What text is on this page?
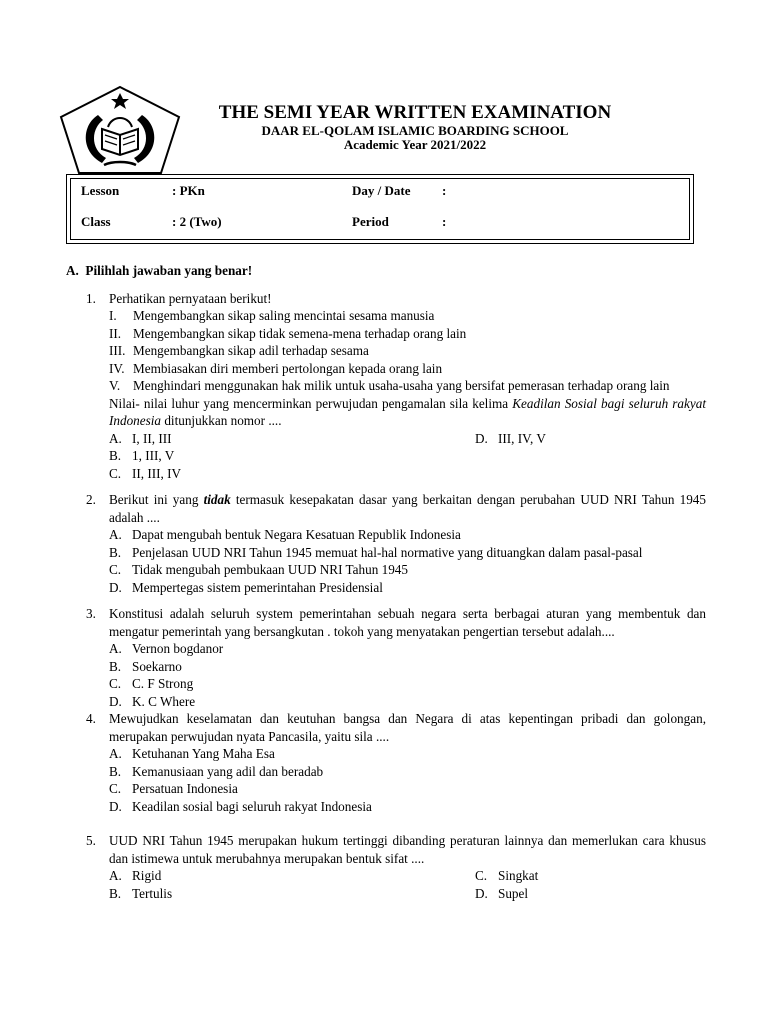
THE SEMI YEAR WRITTEN EXAMINATION
DAAR EL-QOLAM ISLAMIC BOARDING SCHOOL
Academic Year 2021/2022
Lesson	: PKn	Day / Date :
Class	: 2 (Two)	Period	:
A. Pilihlah jawaban yang benar!
1. Perhatikan pernyataan berikut!
I. Mengembangkan sikap saling mencintai sesama manusia
II. Mengembangkan sikap tidak semena-mena terhadap orang lain
III. Mengembangkan sikap adil terhadap sesama
IV. Membiasakan diri memberi pertolongan kepada orang lain
V. Menghindari menggunakan hak milik untuk usaha-usaha yang bersifat pemerasan terhadap orang lain
Nilai- nilai luhur yang mencerminkan perwujudan pengamalan sila kelima Keadilan Sosial bagi seluruh rakyat Indonesia ditunjukkan nomor ....
A. I, II, III	D. III, IV, V
B. 1, III, V
C. II, III, IV
2. Berikut ini yang tidak termasuk kesepakatan dasar yang berkaitan dengan perubahan UUD NRI Tahun 1945 adalah ....
A. Dapat mengubah bentuk Negara Kesatuan Republik Indonesia
B. Penjelasan UUD NRI Tahun 1945 memuat hal-hal normative yang dituangkan dalam pasal-pasal
C. Tidak mengubah pembukaan UUD NRI Tahun 1945
D. Mempertegas sistem pemerintahan Presidensial
3. Konstitusi adalah seluruh system pemerintahan sebuah negara serta berbagai aturan yang membentuk dan mengatur pemerintah yang bersangkutan . tokoh yang menyatakan pengertian tersebut adalah....
A. Vernon bogdanor
B. Soekarno
C. C. F Strong
D. K. C Where
4. Mewujudkan keselamatan dan keutuhan bangsa dan Negara di atas kepentingan pribadi dan golongan, merupakan perwujudan nyata Pancasila, yaitu sila ....
A. Ketuhanan Yang Maha Esa
B. Kemanusiaan yang adil dan beradab
C. Persatuan Indonesia
D. Keadilan sosial bagi seluruh rakyat Indonesia
5. UUD NRI Tahun 1945 merupakan hukum tertinggi dibanding peraturan lainnya dan memerlukan cara khusus dan istimewa untuk merubahnya merupakan bentuk sifat ....
A. Rigid	C. Singkat
B. Tertulis	D. Supel
